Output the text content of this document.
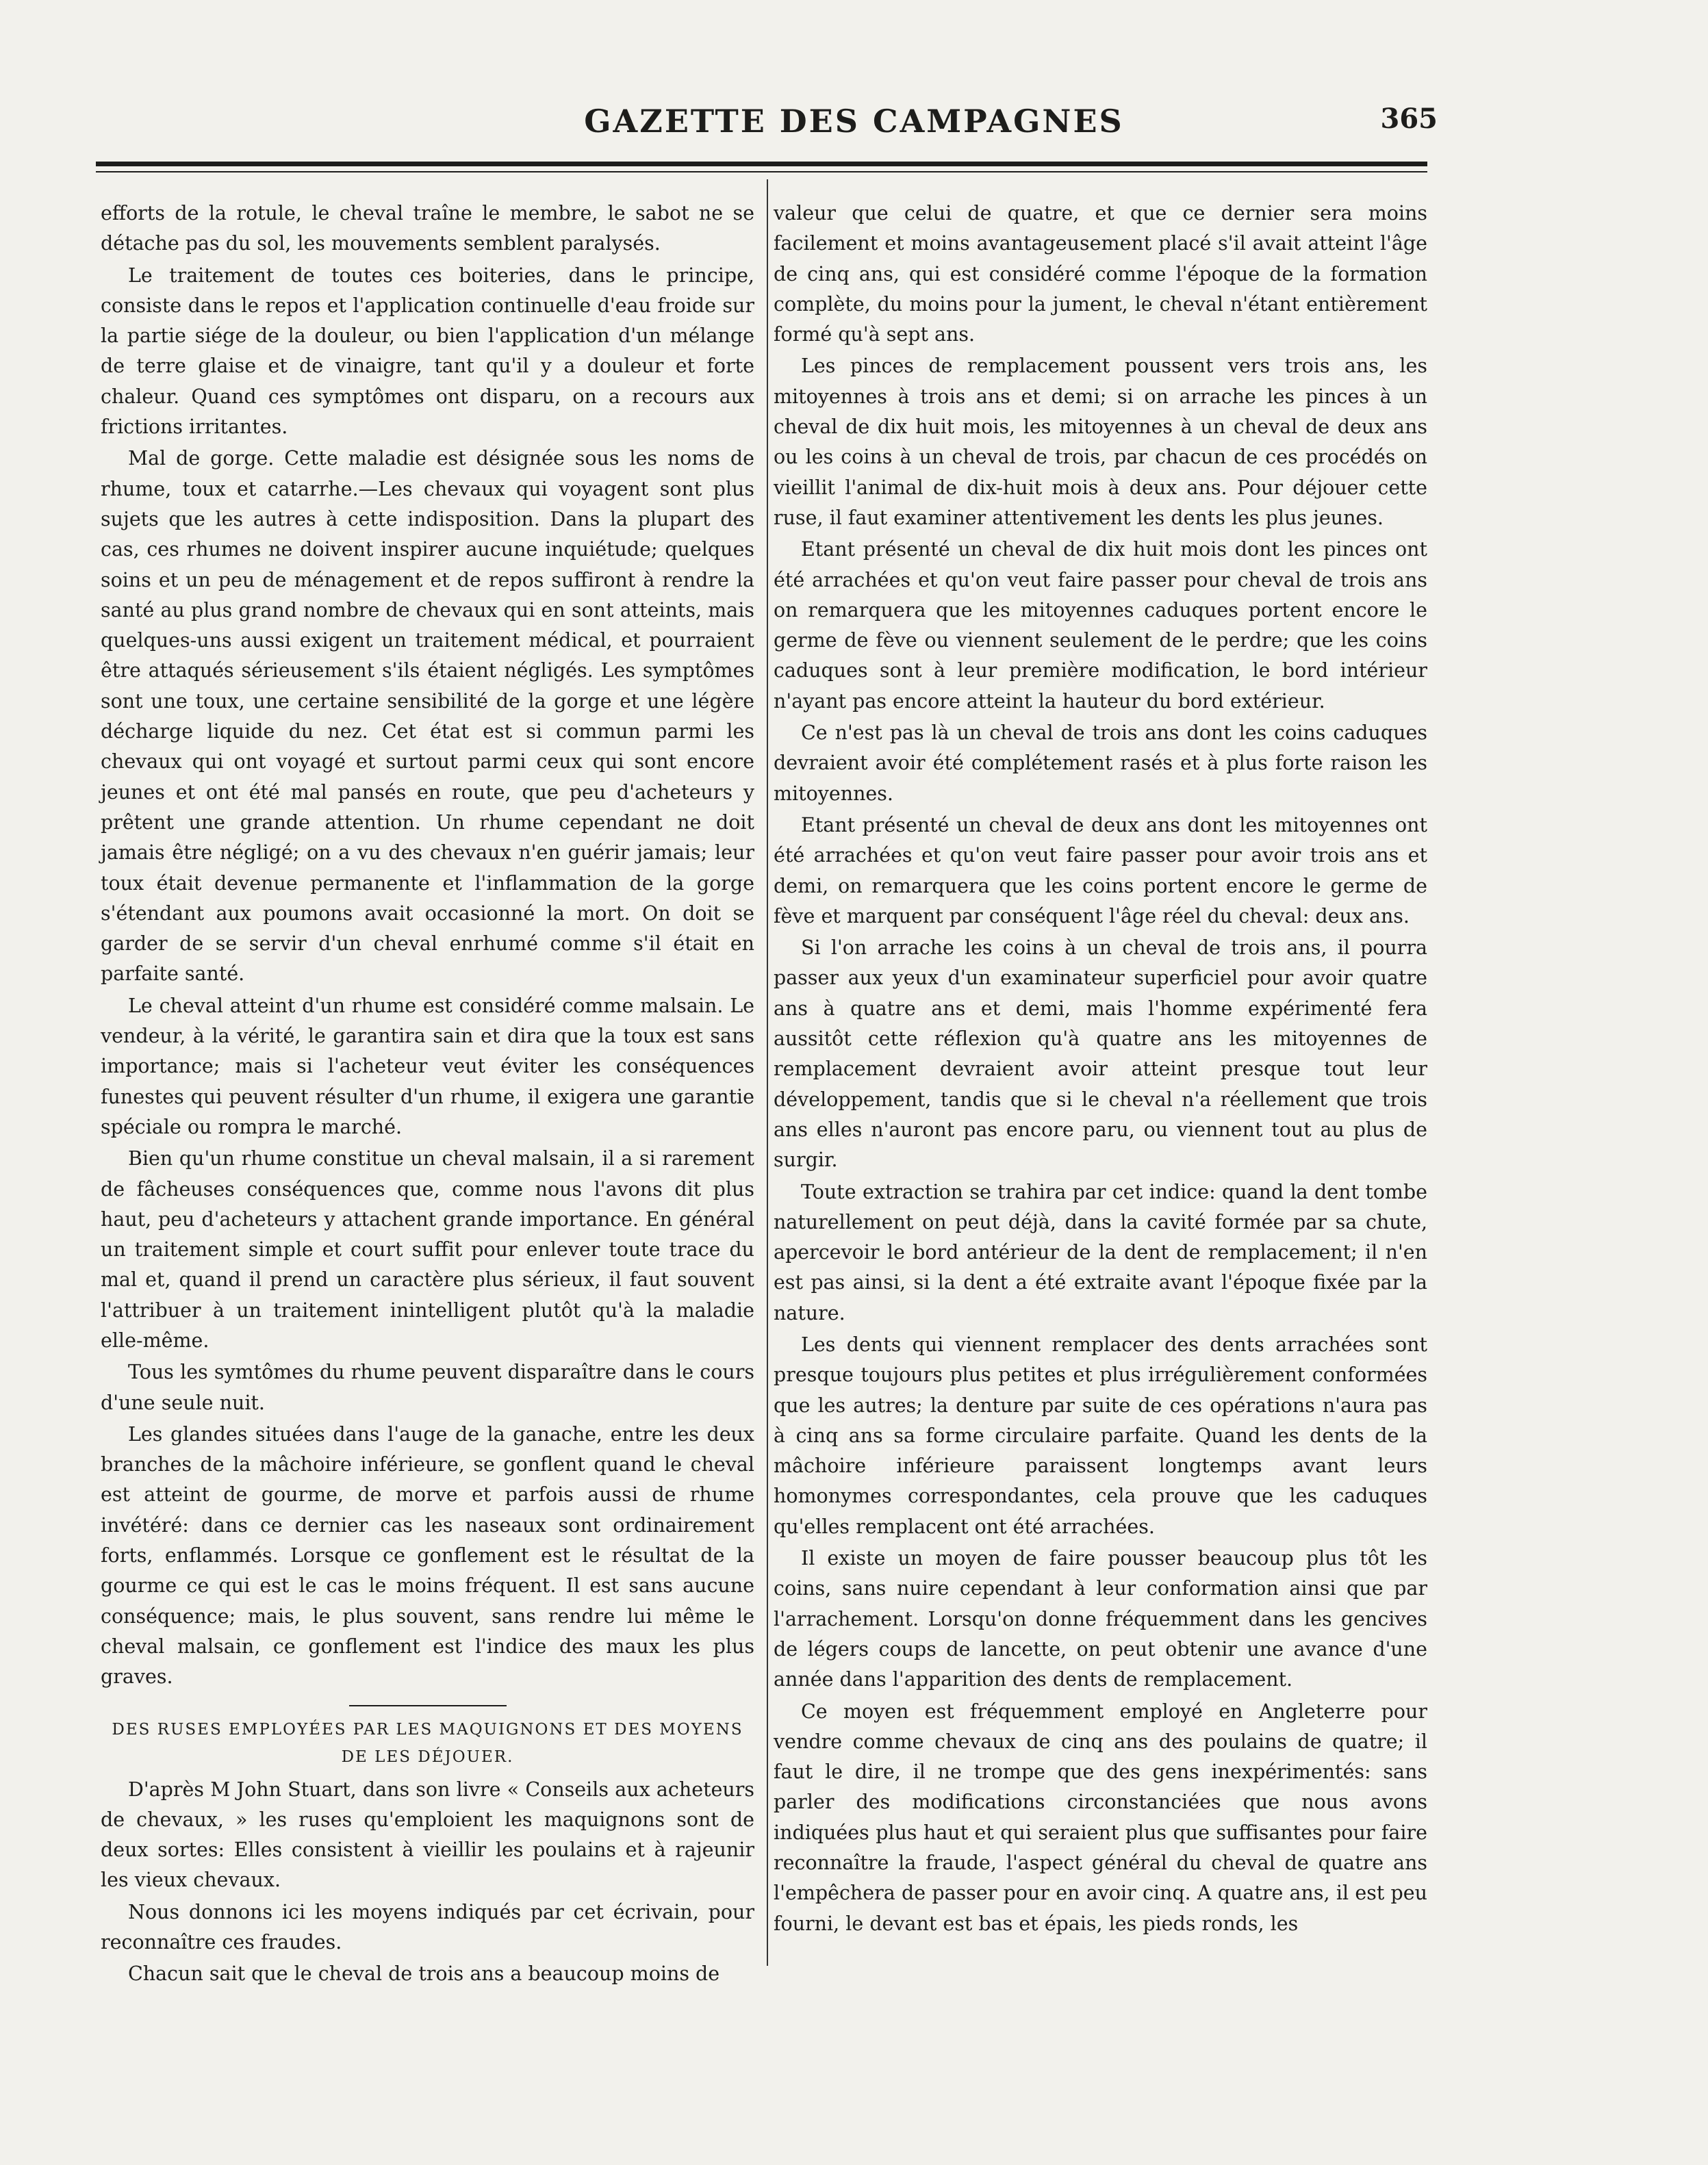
GAZETTE DES CAMPAGNES	365

efforts de la rotule, le cheval traîne le membre, le sabot ne se détache pas du sol, les mouvements semblent paralysés.

Le traitement de toutes ces boiteries, dans le principe, consiste dans le repos et l'application continuelle d'eau froide sur la partie siége de la douleur, ou bien l'application d'un mélange de terre glaise et de vinaigre, tant qu'il y a douleur et forte chaleur. Quand ces symptômes ont disparu, on a recours aux frictions irritantes.

Mal de gorge. Cette maladie est désignée sous les noms de rhume, toux et catarrhe.—Les chevaux qui voyagent sont plus sujets que les autres à cette indisposition. Dans la plupart des cas, ces rhumes ne doivent inspirer aucune inquiétude; quelques soins et un peu de ménagement et de repos suffiront à rendre la santé au plus grand nombre de chevaux qui en sont atteints, mais quelques-uns aussi exigent un traitement médical, et pourraient être attaqués sérieusement s'ils étaient négligés. Les symptômes sont une toux, une certaine sensibilité de la gorge et une légère décharge liquide du nez. Cet état est si commun parmi les chevaux qui ont voyagé et surtout parmi ceux qui sont encore jeunes et ont été mal pansés en route, que peu d'acheteurs y prêtent une grande attention. Un rhume cependant ne doit jamais être négligé; on a vu des chevaux n'en guérir jamais; leur toux était devenue permanente et l'inflammation de la gorge s'étendant aux poumons avait occasionné la mort. On doit se garder de se servir d'un cheval enrhumé comme s'il était en parfaite santé.

Le cheval atteint d'un rhume est considéré comme malsain. Le vendeur, à la vérité, le garantira sain et dira que la toux est sans importance; mais si l'acheteur veut éviter les conséquences funestes qui peuvent résulter d'un rhume, il exigera une garantie spéciale ou rompra le marché.

Bien qu'un rhume constitue un cheval malsain, il a si rarement de fâcheuses conséquences que, comme nous l'avons dit plus haut, peu d'acheteurs y attachent grande importance. En général un traitement simple et court suffit pour enlever toute trace du mal et, quand il prend un caractère plus sérieux, il faut souvent l'attribuer à un traitement inintelligent plutôt qu'à la maladie elle-même.

Tous les symtômes du rhume peuvent disparaître dans le cours d'une seule nuit.

Les glandes situées dans l'auge de la ganache, entre les deux branches de la mâchoire inférieure, se gonflent quand le cheval est atteint de gourme, de morve et parfois aussi de rhume invétéré: dans ce dernier cas les naseaux sont ordinairement forts, enflammés. Lorsque ce gonflement est le résultat de la gourme ce qui est le cas le moins fréquent. Il est sans aucune conséquence; mais, le plus souvent, sans rendre lui même le cheval malsain, ce gonflement est l'indice des maux les plus graves.

DES RUSES EMPLOYÉES PAR LES MAQUIGNONS ET DES MOYENS DE LES DÉJOUER.

D'après M John Stuart, dans son livre « Conseils aux acheteurs de chevaux, » les ruses qu'emploient les maquignons sont de deux sortes: Elles consistent à vieillir les poulains et à rajeunir les vieux chevaux.

Nous donnons ici les moyens indiqués par cet écrivain, pour reconnaître ces fraudes.

Chacun sait que le cheval de trois ans a beaucoup moins de

valeur que celui de quatre, et que ce dernier sera moins facilement et moins avantageusement placé s'il avait atteint l'âge de cinq ans, qui est considéré comme l'époque de la formation complète, du moins pour la jument, le cheval n'étant entièrement formé qu'à sept ans.

Les pinces de remplacement poussent vers trois ans, les mitoyennes à trois ans et demi; si on arrache les pinces à un cheval de dix huit mois, les mitoyennes à un cheval de deux ans ou les coins à un cheval de trois, par chacun de ces procédés on vieillit l'animal de dix-huit mois à deux ans. Pour déjouer cette ruse, il faut examiner attentivement les dents les plus jeunes.

Etant présenté un cheval de dix huit mois dont les pinces ont été arrachées et qu'on veut faire passer pour cheval de trois ans on remarquera que les mitoyennes caduques portent encore le germe de fève ou viennent seulement de le perdre; que les coins caduques sont à leur première modification, le bord intérieur n'ayant pas encore atteint la hauteur du bord extérieur.

Ce n'est pas là un cheval de trois ans dont les coins caduques devraient avoir été complétement rasés et à plus forte raison les mitoyennes.

Etant présenté un cheval de deux ans dont les mitoyennes ont été arrachées et qu'on veut faire passer pour avoir trois ans et demi, on remarquera que les coins portent encore le germe de fève et marquent par conséquent l'âge réel du cheval: deux ans.

Si l'on arrache les coins à un cheval de trois ans, il pourra passer aux yeux d'un examinateur superficiel pour avoir quatre ans à quatre ans et demi, mais l'homme expérimenté fera aussitôt cette réflexion qu'à quatre ans les mitoyennes de remplacement devraient avoir atteint presque tout leur développement, tandis que si le cheval n'a réellement que trois ans elles n'auront pas encore paru, ou viennent tout au plus de surgir.

Toute extraction se trahira par cet indice: quand la dent tombe naturellement on peut déjà, dans la cavité formée par sa chute, apercevoir le bord antérieur de la dent de remplacement; il n'en est pas ainsi, si la dent a été extraite avant l'époque fixée par la nature.

Les dents qui viennent remplacer des dents arrachées sont presque toujours plus petites et plus irrégulièrement conformées que les autres; la denture par suite de ces opérations n'aura pas à cinq ans sa forme circulaire parfaite. Quand les dents de la mâchoire inférieure paraissent longtemps avant leurs homonymes correspondantes, cela prouve que les caduques qu'elles remplacent ont été arrachées.

Il existe un moyen de faire pousser beaucoup plus tôt les coins, sans nuire cependant à leur conformation ainsi que par l'arrachement. Lorsqu'on donne fréquemment dans les gencives de légers coups de lancette, on peut obtenir une avance d'une année dans l'apparition des dents de remplacement.

Ce moyen est fréquemment employé en Angleterre pour vendre comme chevaux de cinq ans des poulains de quatre; il faut le dire, il ne trompe que des gens inexpérimentés: sans parler des modifications circonstanciées que nous avons indiquées plus haut et qui seraient plus que suffisantes pour faire reconnaître la fraude, l'aspect général du cheval de quatre ans l'empêchera de passer pour en avoir cinq. A quatre ans, il est peu fourni, le devant est bas et épais, les pieds ronds, les
